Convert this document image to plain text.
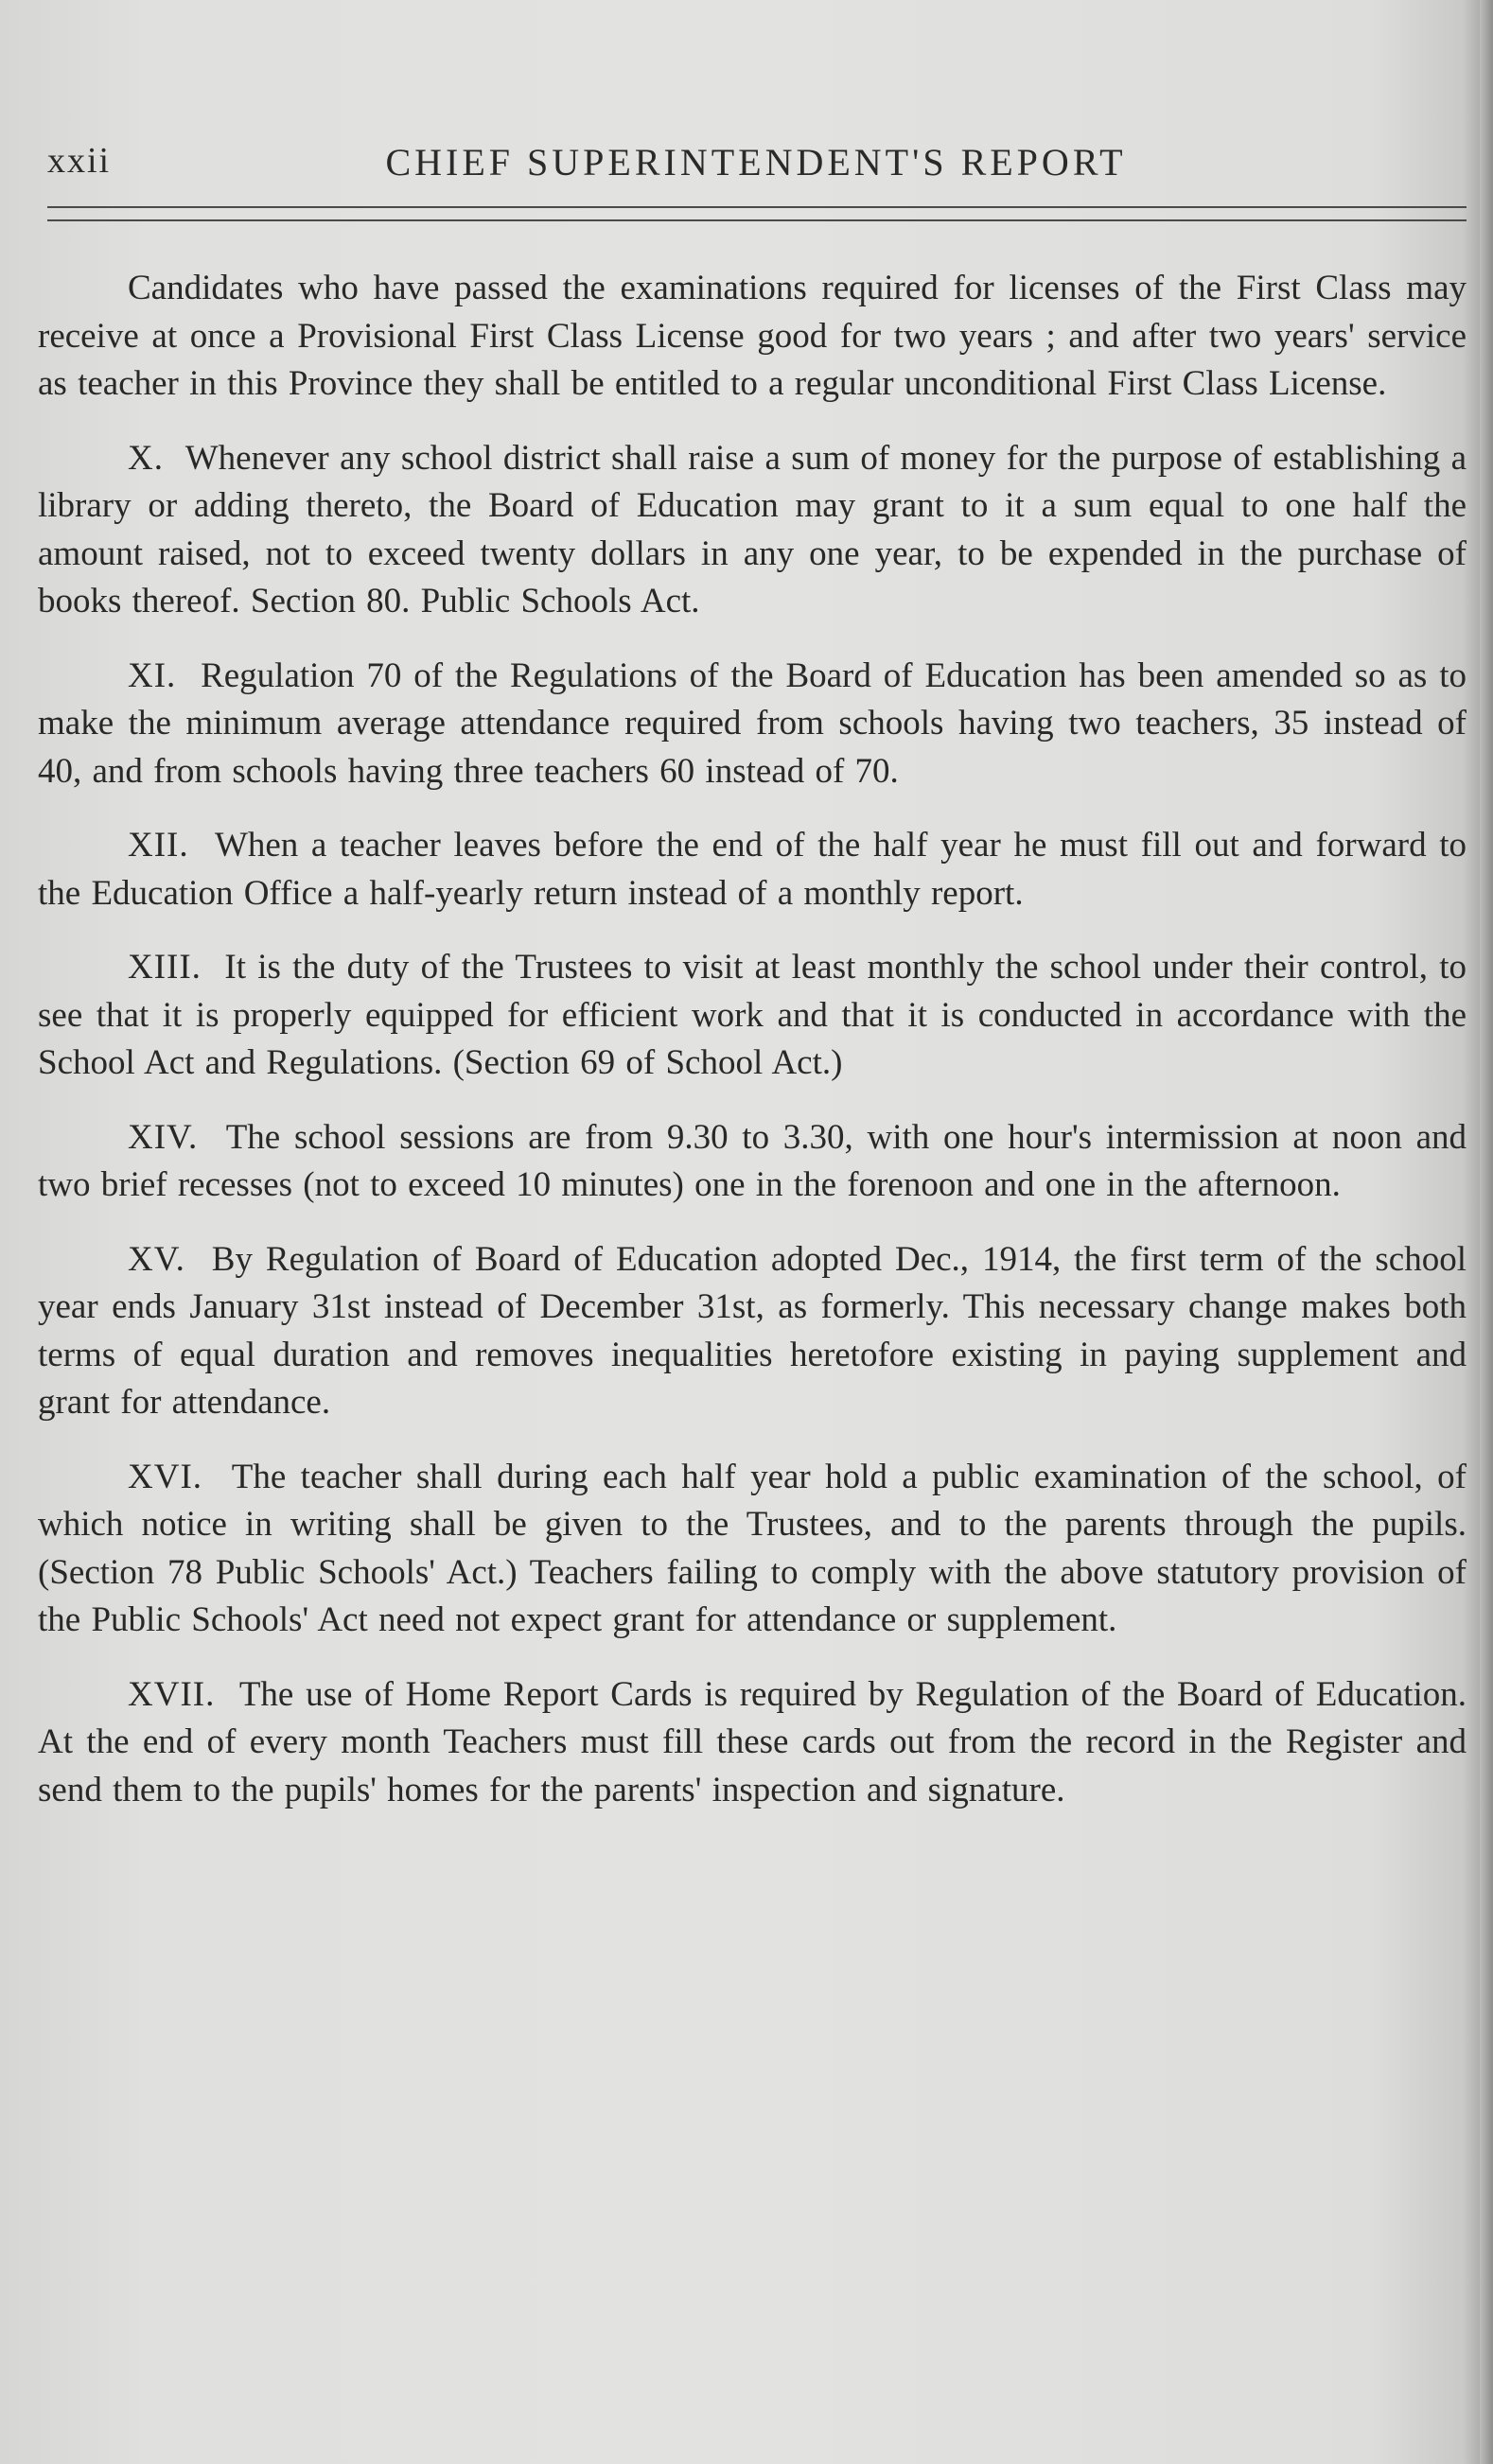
xxii	CHIEF SUPERINTENDENT'S REPORT

Candidates who have passed the examinations required for licenses of the First Class may receive at once a Provisional First Class License good for two years ; and after two years' service as teacher in this Province they shall be entitled to a regular unconditional First Class License.

X. Whenever any school district shall raise a sum of money for the purpose of establishing a library or adding thereto, the Board of Education may grant to it a sum equal to one half the amount raised, not to exceed twenty dollars in any one year, to be expended in the purchase of books thereof. Section 80. Public Schools Act.

XI. Regulation 70 of the Regulations of the Board of Education has been amended so as to make the minimum average attendance required from schools having two teachers, 35 instead of 40, and from schools having three teachers 60 instead of 70.

XII. When a teacher leaves before the end of the half year he must fill out and forward to the Education Office a half-yearly return instead of a monthly report.

XIII. It is the duty of the Trustees to visit at least monthly the school under their control, to see that it is properly equipped for efficient work and that it is conducted in accordance with the School Act and Regulations. (Section 69 of School Act.)

XIV. The school sessions are from 9.30 to 3.30, with one hour's intermission at noon and two brief recesses (not to exceed 10 minutes) one in the forenoon and one in the afternoon.

XV. By Regulation of Board of Education adopted Dec., 1914, the first term of the school year ends January 31st instead of December 31st, as formerly. This necessary change makes both terms of equal duration and removes inequalities heretofore existing in paying supplement and grant for attendance.

XVI. The teacher shall during each half year hold a public examination of the school, of which notice in writing shall be given to the Trustees, and to the parents through the pupils. (Section 78 Public Schools' Act.) Teachers failing to comply with the above statutory provision of the Public Schools' Act need not expect grant for attendance or supplement.

XVII. The use of Home Report Cards is required by Regulation of the Board of Education. At the end of every month Teachers must fill these cards out from the record in the Register and send them to the pupils' homes for the parents' inspection and signature.
